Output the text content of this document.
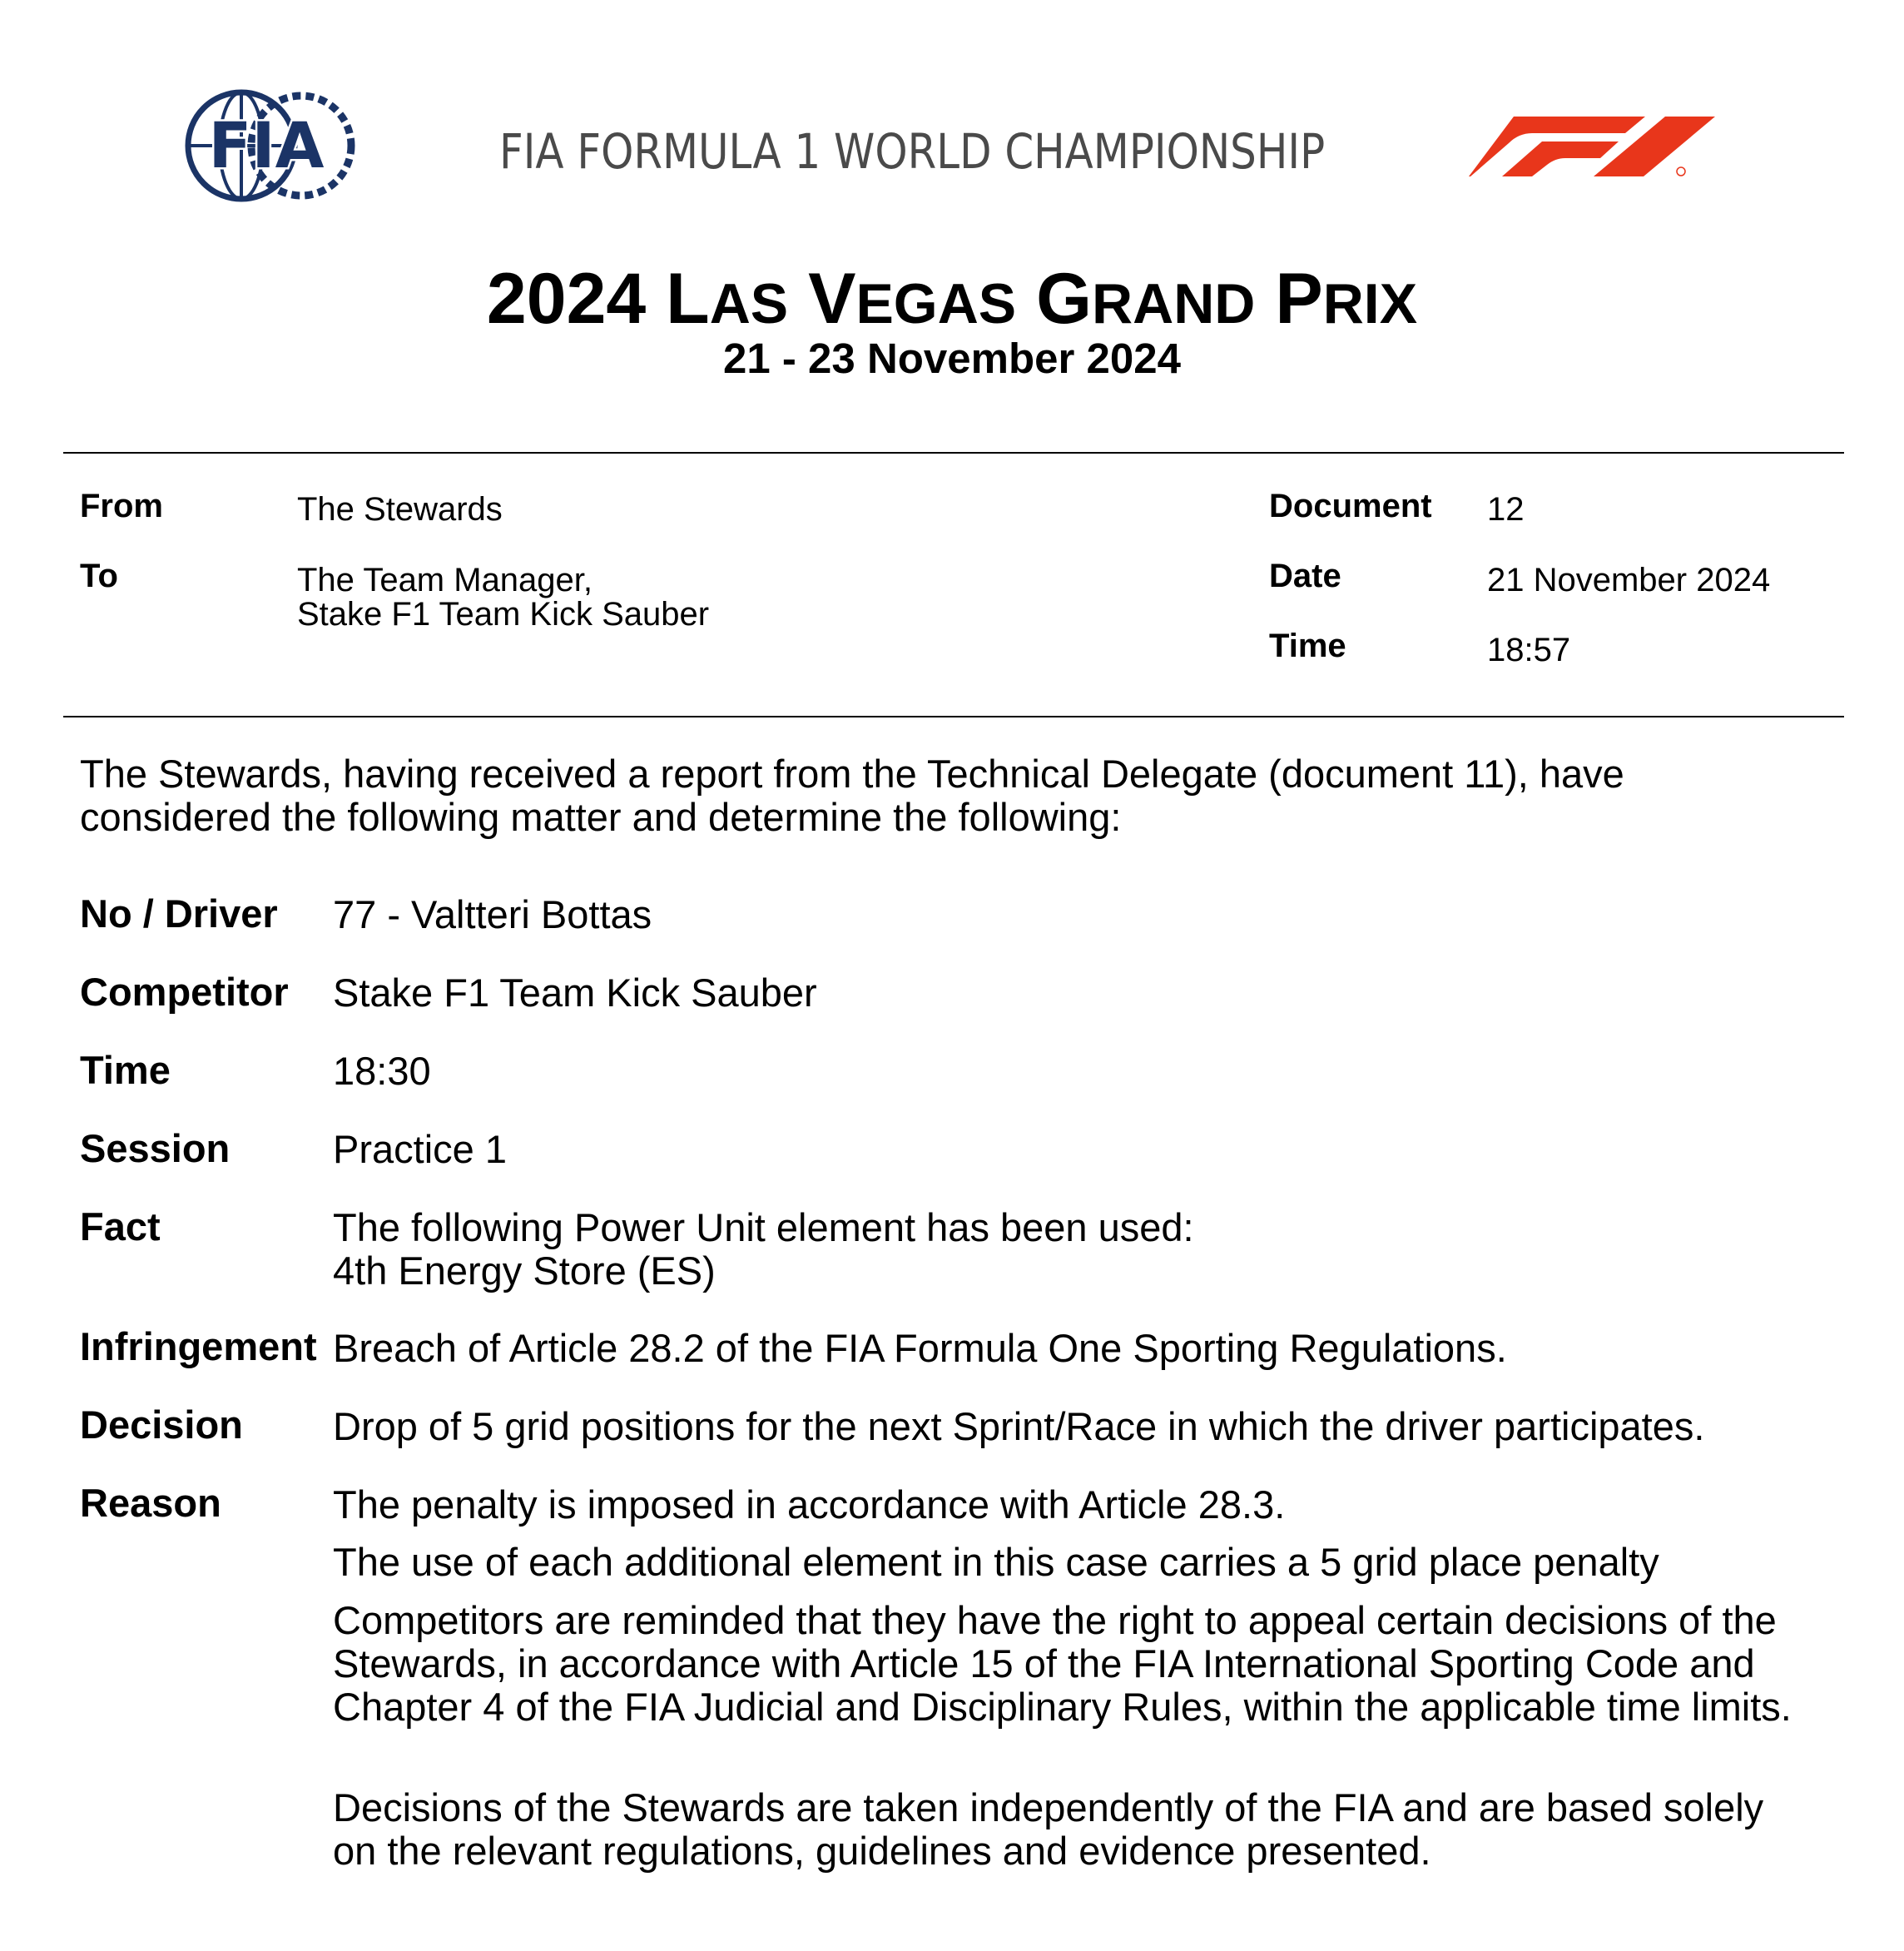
FIA	FIA FORMULA 1 WORLD CHAMPIONSHIP
F1
2024 LAS VEGAS GRAND PRIX
21 - 23 November 2024
From	The Stewards
To	The Team Manager,
Stake F1 Team Kick Sauber
Document 12
Date	21 November 2024
Time	18:57
The Stewards, having received a report from the Technical Delegate (document 11), have
considered the following matter and determine the following:
No / Driver 77 - Valtteri Bottas
Competitor Stake F1 Team Kick Sauber
Time	18:30
Session	Practice 1
Fact	The following Power Unit element has been used:
4th Energy Store (ES)
Infringement Breach of Article 28.2 of the FIA Formula One Sporting Regulations.
Decision Drop of 5 grid positions for the next Sprint/Race in which the driver participates.
Reason	The penalty is imposed in accordance with Article 28.3.
The use of each additional element in this case carries a 5 grid place penalty
Competitors are reminded that they have the right to appeal certain decisions of the
Stewards, in accordance with Article 15 of the FIA International Sporting Code and
Chapter 4 of the FIA Judicial and Disciplinary Rules, within the applicable time limits.
Decisions of the Stewards are taken independently of the FIA and are based solely
on the relevant regulations, guidelines and evidence presented.
